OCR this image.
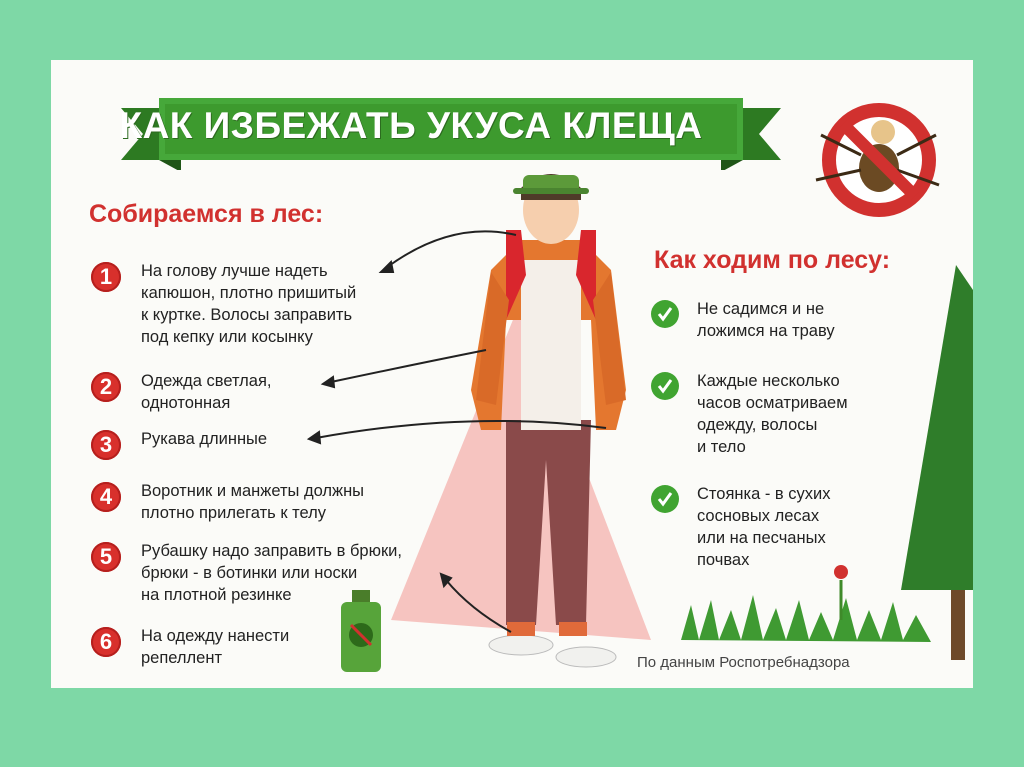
КАК ИЗБЕЖАТЬ УКУСА КЛЕЩА
Собираемся в лес:
1	На голову лучше надеть
капюшон, плотно пришитый
к куртке. Волосы заправить
под кепку или косынку
2	Одежда светлая,
однотонная
3	Рукава длинные
4	Воротник и манжеты должны
плотно прилегать к телу
5	Рубашку надо заправить в брюки,
брюки - в ботинки или носки
на плотной резинке
6	На одежду нанести
репеллент
Как ходим по лесу:
Не садимся и не
ложимся на траву
Каждые несколько
часов осматриваем
одежду, волосы
и тело
Стоянка - в сухих
сосновых лесах
или на песчаных
почвах
По данным Роспотребнадзора
